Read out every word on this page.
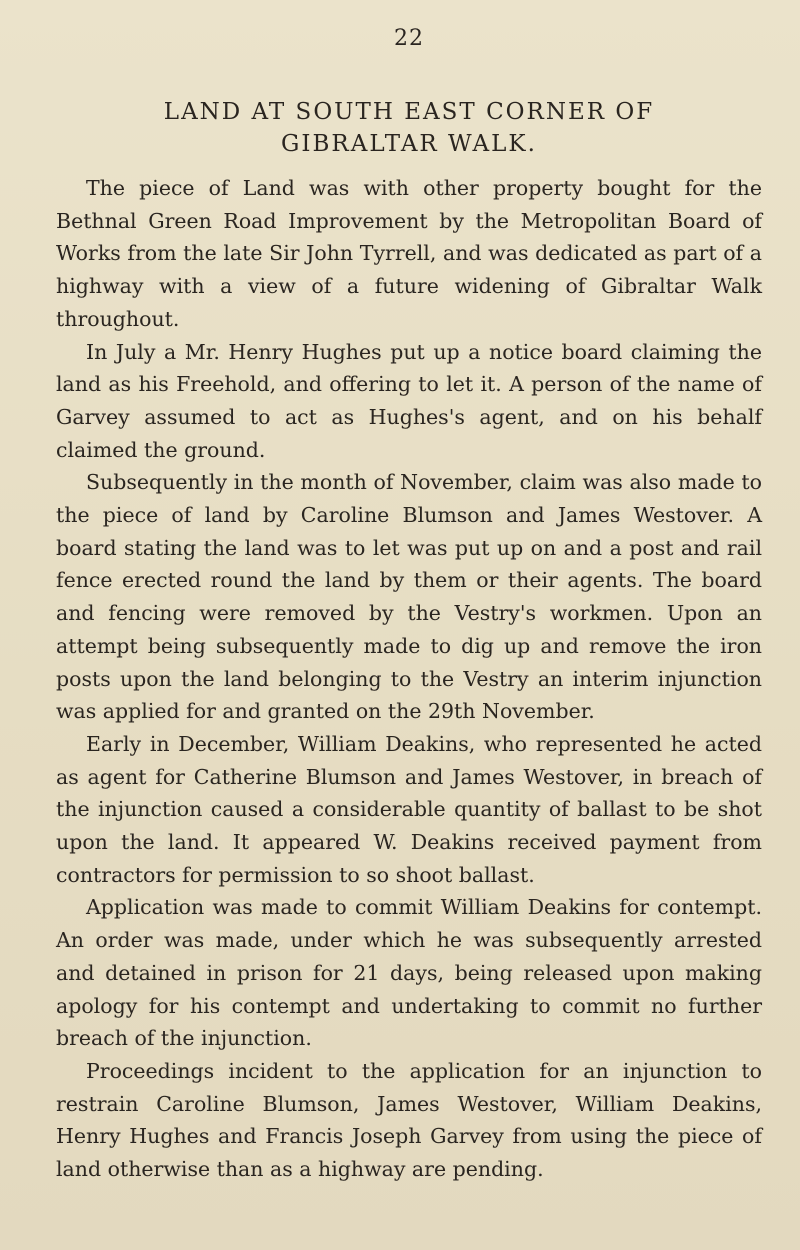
22
LAND AT SOUTH EAST CORNER OF
GIBRALTAR WALK.

The piece of Land was with other property bought for the Bethnal Green Road Improvement by the Metropolitan Board of Works from the late Sir John Tyrrell, and was dedicated as part of a highway with a view of a future widening of Gibraltar Walk throughout.

In July a Mr. Henry Hughes put up a notice board claiming the land as his Freehold, and offering to let it. A person of the name of Garvey assumed to act as Hughes's agent, and on his behalf claimed the ground.

Subsequently in the month of November, claim was also made to the piece of land by Caroline Blumson and James Westover. A board stating the land was to let was put up on and a post and rail fence erected round the land by them or their agents. The board and fencing were removed by the Vestry's workmen. Upon an attempt being subsequently made to dig up and remove the iron posts upon the land belonging to the Vestry an interim injunction was applied for and granted on the 29th November.

Early in December, William Deakins, who represented he acted as agent for Catherine Blumson and James Westover, in breach of the injunction caused a considerable quantity of ballast to be shot upon the land. It appeared W. Deakins received payment from contractors for permission to so shoot ballast.

Application was made to commit William Deakins for contempt. An order was made, under which he was subsequently arrested and detained in prison for 21 days, being released upon making apology for his contempt and undertaking to commit no further breach of the injunction.

Proceedings incident to the application for an injunction to restrain Caroline Blumson, James Westover, William Deakins, Henry Hughes and Francis Joseph Garvey from using the piece of land otherwise than as a highway are pending.
